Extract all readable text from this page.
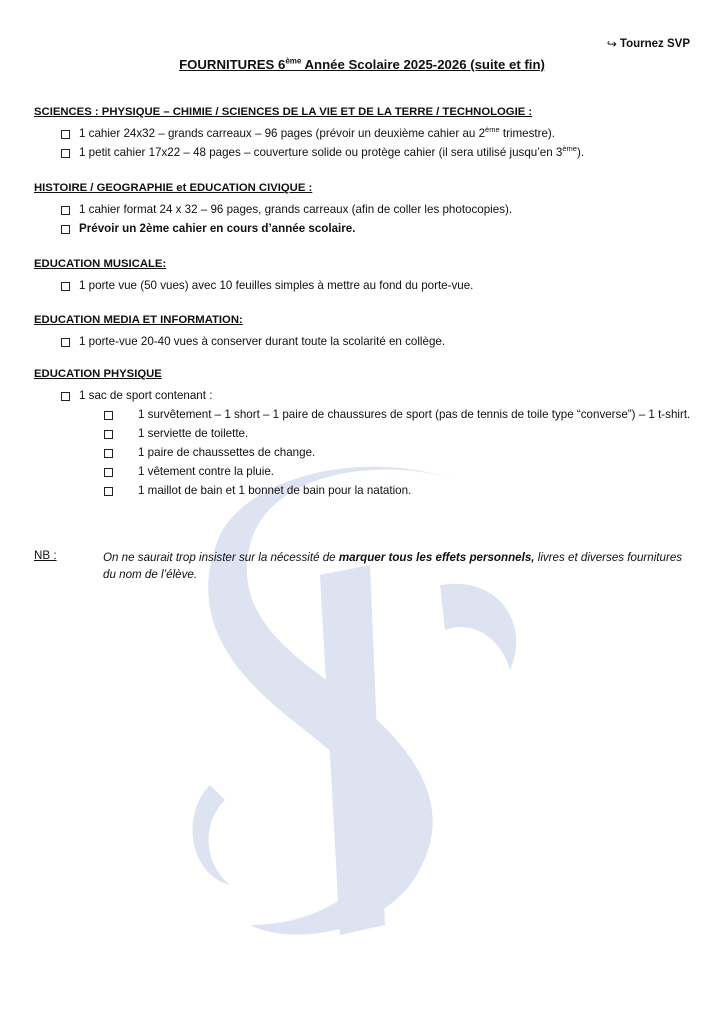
↪ Tournez SVP
FOURNITURES 6ème Année Scolaire 2025-2026 (suite et fin)
SCIENCES : PHYSIQUE – CHIMIE / SCIENCES DE LA VIE ET DE LA TERRE / TECHNOLOGIE :
1 cahier 24x32 – grands carreaux – 96 pages (prévoir un deuxième cahier au 2ème trimestre).
1 petit cahier 17x22 – 48 pages – couverture solide ou protège cahier (il sera utilisé jusqu’en 3ème).
HISTOIRE / GEOGRAPHIE et EDUCATION CIVIQUE :
1 cahier format 24 x 32 – 96 pages, grands carreaux (afin de coller les photocopies).
Prévoir un 2ème cahier en cours d’année scolaire.
EDUCATION MUSICALE:
1 porte vue (50 vues) avec 10 feuilles simples à mettre au fond du porte-vue.
EDUCATION MEDIA ET INFORMATION:
1 porte-vue 20-40 vues à conserver durant toute la scolarité en collège.
EDUCATION PHYSIQUE
1 sac de sport contenant :
1 survêtement – 1 short – 1 paire de chaussures de sport (pas de tennis de toile type “converse”) – 1 t-shirt.
1 serviette de toilette.
1 paire de chaussettes de change.
1 vêtement contre la pluie.
1 maillot de bain et 1 bonnet de bain pour la natation.
NB :	On ne saurait trop insister sur la nécessité de marquer tous les effets personnels, livres et diverses fournitures du nom de l’élève.
